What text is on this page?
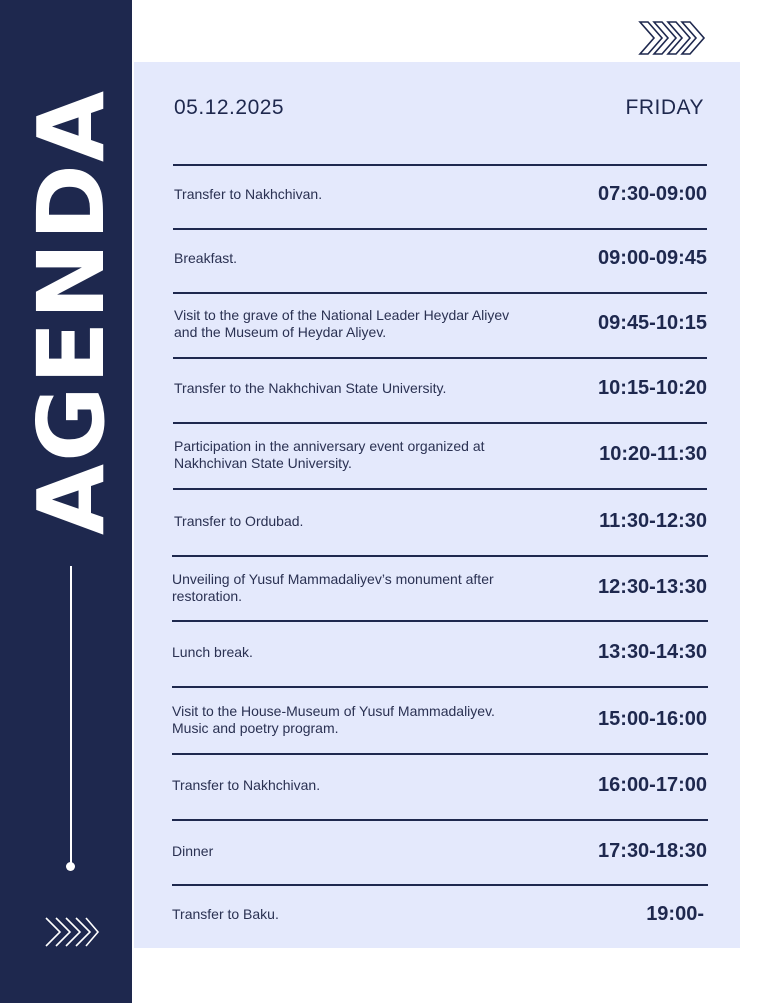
AGENDA 05.12.2025	FRIDAY
Transfer to Nakhchivan.	07:30-09:00
Breakfast.	09:00-09:45
Visit to the grave of the National Leader Heydar Aliyev and the Museum of Heydar Aliyev.	09:45-10:15
Transfer to the Nakhchivan State University.	10:15-10:20
Participation in the anniversary event organized at Nakhchivan State University.	10:20-11:30
Transfer to Ordubad.	11:30-12:30
Unveiling of Yusuf Mammadaliyev’s monument after restoration.	12:30-13:30
Lunch break.	13:30-14:30
Visit to the House-Museum of Yusuf Mammadaliyev. Music and poetry program.	15:00-16:00
Transfer to Nakhchivan.	16:00-17:00
Dinner	17:30-18:30
Transfer to Baku.	19:00-
